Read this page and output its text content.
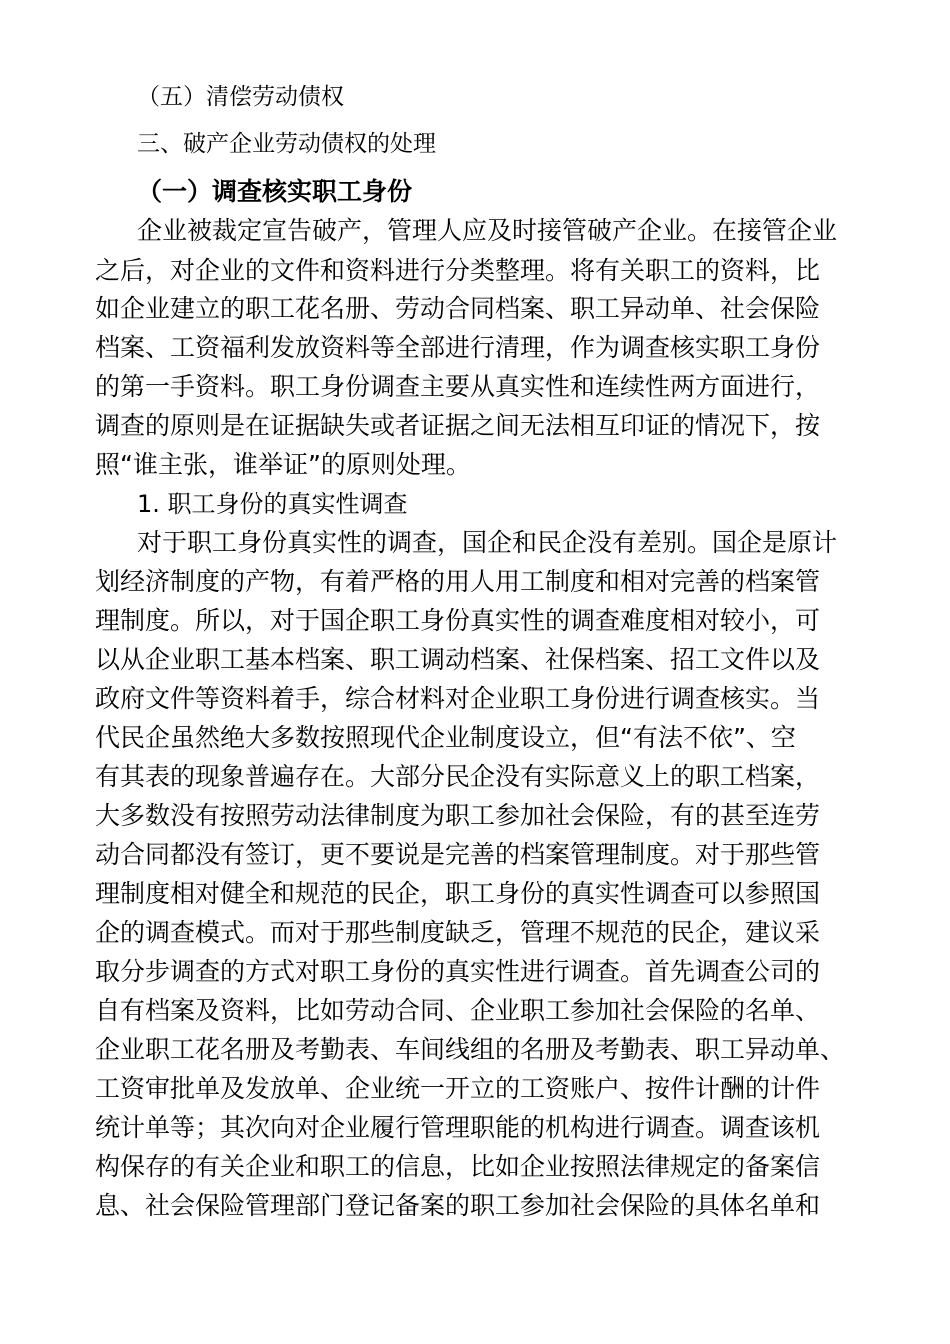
（五）清偿劳动债权

三、破产企业劳动债权的处理

（一）调查核实职工身份

企业被裁定宣告破产，管理人应及时接管破产企业。在接管企业

之后，对企业的文件和资料进行分类整理。将有关职工的资料，比

如企业建立的职工花名册、劳动合同档案、职工异动单、社会保险

档案、工资福利发放资料等全部进行清理，作为调查核实职工身份

的第一手资料。职工身份调查主要从真实性和连续性两方面进行，

调查的原则是在证据缺失或者证据之间无法相互印证的情况下，按

照“谁主张，谁举证”的原则处理。

1. 职工身份的真实性调查

对于职工身份真实性的调查，国企和民企没有差别。国企是原计

划经济制度的产物，有着严格的用人用工制度和相对完善的档案管

理制度。所以，对于国企职工身份真实性的调查难度相对较小，可

以从企业职工基本档案、职工调动档案、社保档案、招工文件以及

政府文件等资料着手，综合材料对企业职工身份进行调查核实。当

代民企虽然绝大多数按照现代企业制度设立，但“有法不依”、空

有其表的现象普遍存在。大部分民企没有实际意义上的职工档案，

大多数没有按照劳动法律制度为职工参加社会保险，有的甚至连劳

动合同都没有签订，更不要说是完善的档案管理制度。对于那些管

理制度相对健全和规范的民企，职工身份的真实性调查可以参照国

企的调查模式。而对于那些制度缺乏，管理不规范的民企，建议采

取分步调查的方式对职工身份的真实性进行调查。首先调查公司的

自有档案及资料，比如劳动合同、企业职工参加社会保险的名单、

企业职工花名册及考勤表、车间线组的名册及考勤表、职工异动单、

工资审批单及发放单、企业统一开立的工资账户、按件计酬的计件

统计单等；其次向对企业履行管理职能的机构进行调查。调查该机

构保存的有关企业和职工的信息，比如企业按照法律规定的备案信

息、社会保险管理部门登记备案的职工参加社会保险的具体名单和
